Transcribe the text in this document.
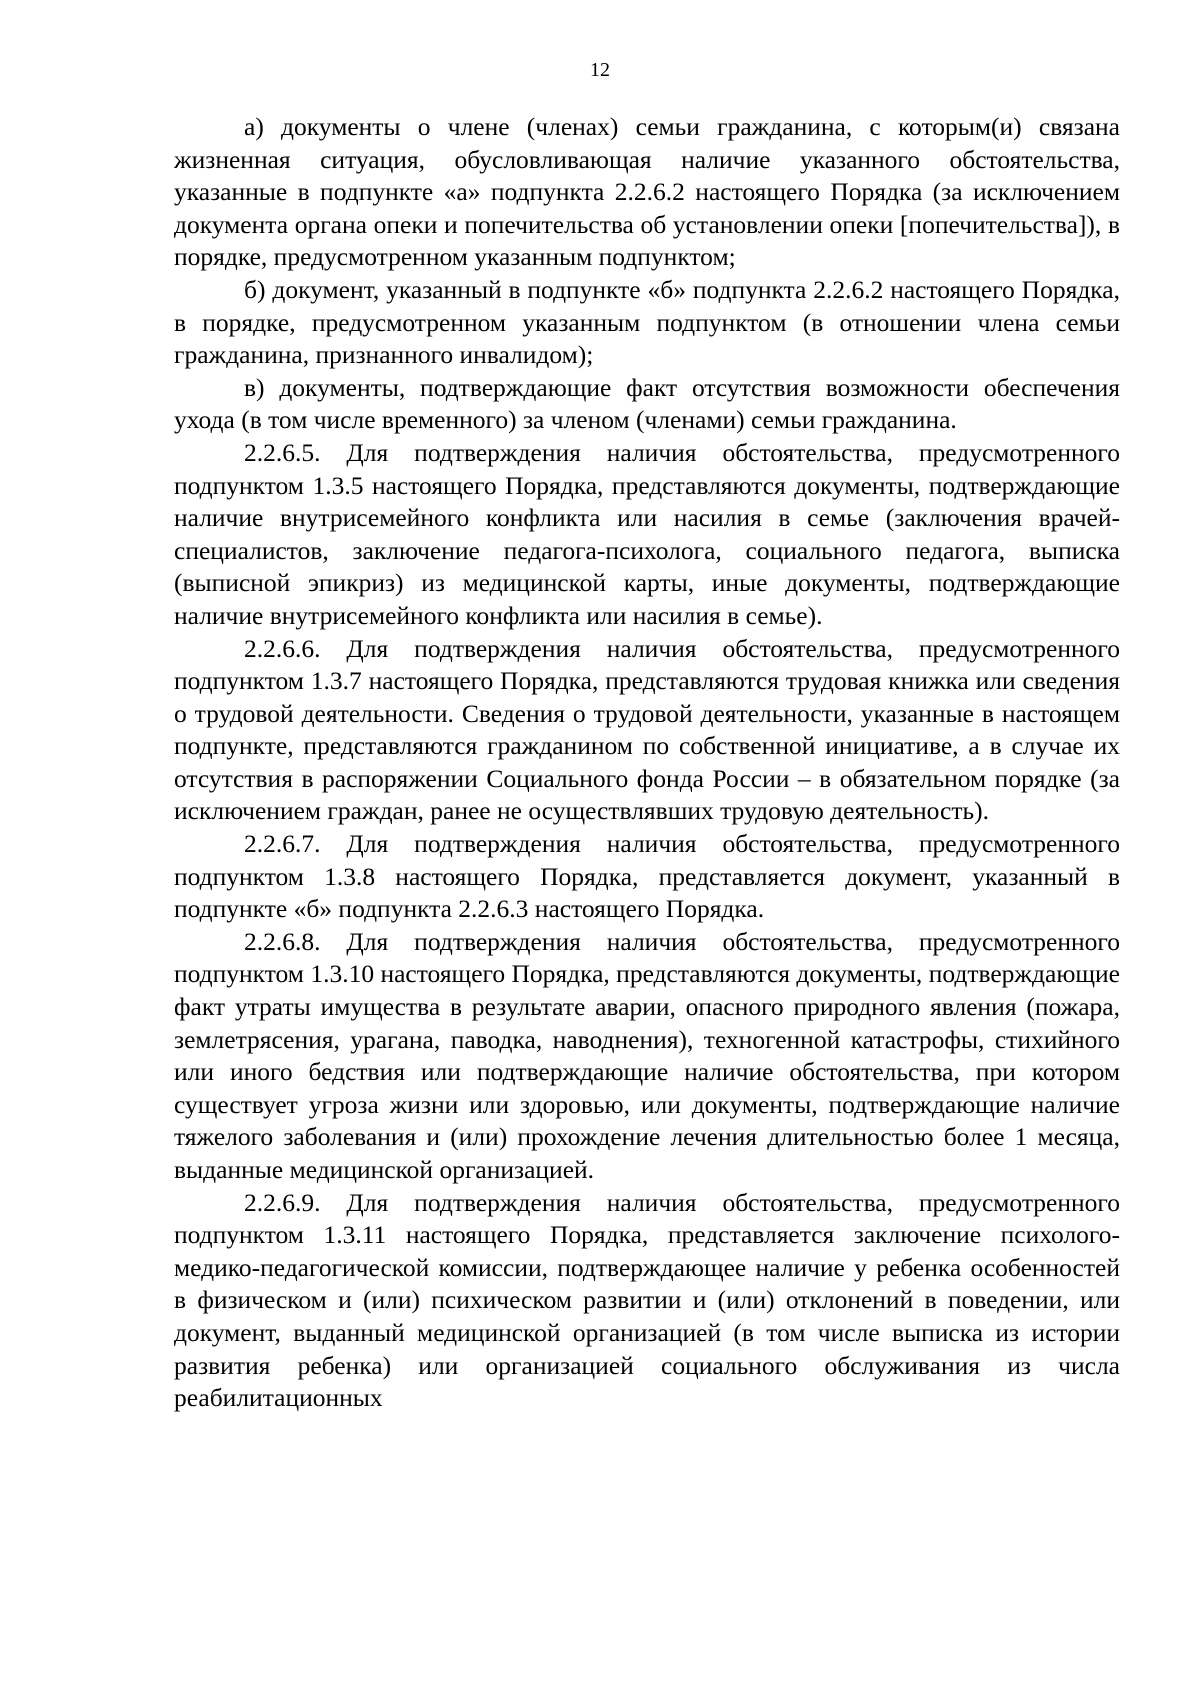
12

а) документы о члене (членах) семьи гражданина, с которым(и) связана жизненная ситуация, обусловливающая наличие указанного обстоятельства, указанные в подпункте «а» подпункта 2.2.6.2 настоящего Порядка (за исключением документа органа опеки и попечительства об установлении опеки [попечительства]), в порядке, предусмотренном указанным подпунктом;

б) документ, указанный в подпункте «б» подпункта 2.2.6.2 настоящего Порядка, в порядке, предусмотренном указанным подпунктом (в отношении члена семьи гражданина, признанного инвалидом);

в) документы, подтверждающие факт отсутствия возможности обеспечения ухода (в том числе временного) за членом (членами) семьи гражданина.

2.2.6.5. Для подтверждения наличия обстоятельства, предусмотренного подпунктом 1.3.5 настоящего Порядка, представляются документы, подтверждающие наличие внутрисемейного конфликта или насилия в семье (заключения врачей-специалистов, заключение педагога-психолога, социального педагога, выписка (выписной эпикриз) из медицинской карты, иные документы, подтверждающие наличие внутрисемейного конфликта или насилия в семье).

2.2.6.6. Для подтверждения наличия обстоятельства, предусмотренного подпунктом 1.3.7 настоящего Порядка, представляются трудовая книжка или сведения о трудовой деятельности. Сведения о трудовой деятельности, указанные в настоящем подпункте, представляются гражданином по собственной инициативе, а в случае их отсутствия в распоряжении Социального фонда России – в обязательном порядке (за исключением граждан, ранее не осуществлявших трудовую деятельность).

2.2.6.7. Для подтверждения наличия обстоятельства, предусмотренного подпунктом 1.3.8 настоящего Порядка, представляется документ, указанный в подпункте «б» подпункта 2.2.6.3 настоящего Порядка.

2.2.6.8. Для подтверждения наличия обстоятельства, предусмотренного подпунктом 1.3.10 настоящего Порядка, представляются документы, подтверждающие факт утраты имущества в результате аварии, опасного природного явления (пожара, землетрясения, урагана, паводка, наводнения), техногенной катастрофы, стихийного или иного бедствия или подтверждающие наличие обстоятельства, при котором существует угроза жизни или здоровью, или документы, подтверждающие наличие тяжелого заболевания и (или) прохождение лечения длительностью более 1 месяца, выданные медицинской организацией.

2.2.6.9. Для подтверждения наличия обстоятельства, предусмотренного подпунктом 1.3.11 настоящего Порядка, представляется заключение психолого-медико-педагогической комиссии, подтверждающее наличие у ребенка особенностей в физическом и (или) психическом развитии и (или) отклонений в поведении, или документ, выданный медицинской организацией (в том числе выписка из истории развития ребенка) или организацией социального обслуживания из числа реабилитационных
